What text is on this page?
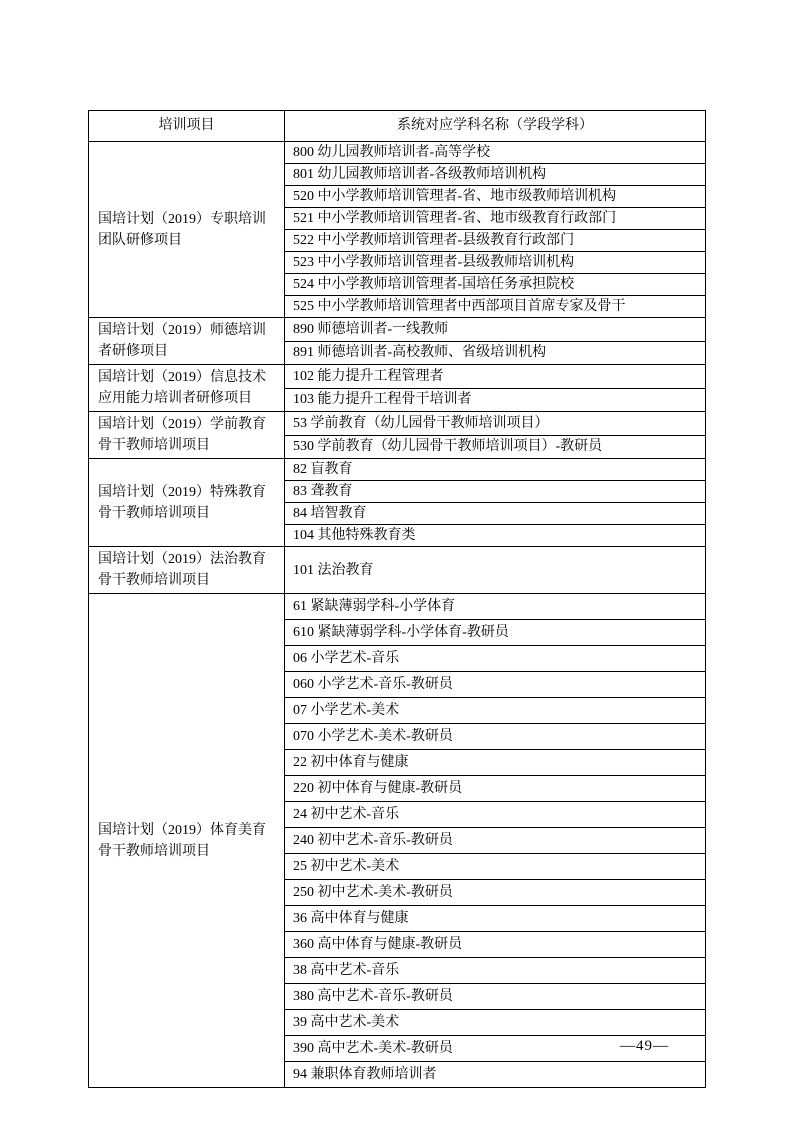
培训项目	系统对应学科名称（学段学科）
国培计划（2019）专职培训团队研修项目	800 幼儿园教师培训者-高等学校
	801 幼儿园教师培训者-各级教师培训机构
	520 中小学教师培训管理者-省、地市级教师培训机构
	521 中小学教师培训管理者-省、地市级教育行政部门
	522 中小学教师培训管理者-县级教育行政部门
	523 中小学教师培训管理者-县级教师培训机构
	524 中小学教师培训管理者-国培任务承担院校
	525 中小学教师培训管理者中西部项目首席专家及骨干
国培计划（2019）师德培训者研修项目	890 师德培训者-一线教师
	891 师德培训者-高校教师、省级培训机构
国培计划（2019）信息技术应用能力培训者研修项目	102 能力提升工程管理者
	103 能力提升工程骨干培训者
国培计划（2019）学前教育骨干教师培训项目	53 学前教育（幼儿园骨干教师培训项目）
	530 学前教育（幼儿园骨干教师培训项目）-教研员
国培计划（2019）特殊教育骨干教师培训项目	82 盲教育
	83 聋教育
	84 培智教育
	104 其他特殊教育类
国培计划（2019）法治教育骨干教师培训项目	101 法治教育
国培计划（2019）体育美育骨干教师培训项目	61 紧缺薄弱学科-小学体育
	610 紧缺薄弱学科-小学体育-教研员
	06 小学艺术-音乐
	060 小学艺术-音乐-教研员
	07 小学艺术-美术
	070 小学艺术-美术-教研员
	22 初中体育与健康
	220 初中体育与健康-教研员
	24 初中艺术-音乐
	240 初中艺术-音乐-教研员
	25 初中艺术-美术
	250 初中艺术-美术-教研员
	36 高中体育与健康
	360 高中体育与健康-教研员
	38 高中艺术-音乐
	380 高中艺术-音乐-教研员
	39 高中艺术-美术
	390 高中艺术-美术-教研员
	94 兼职体育教师培训者
—49—
